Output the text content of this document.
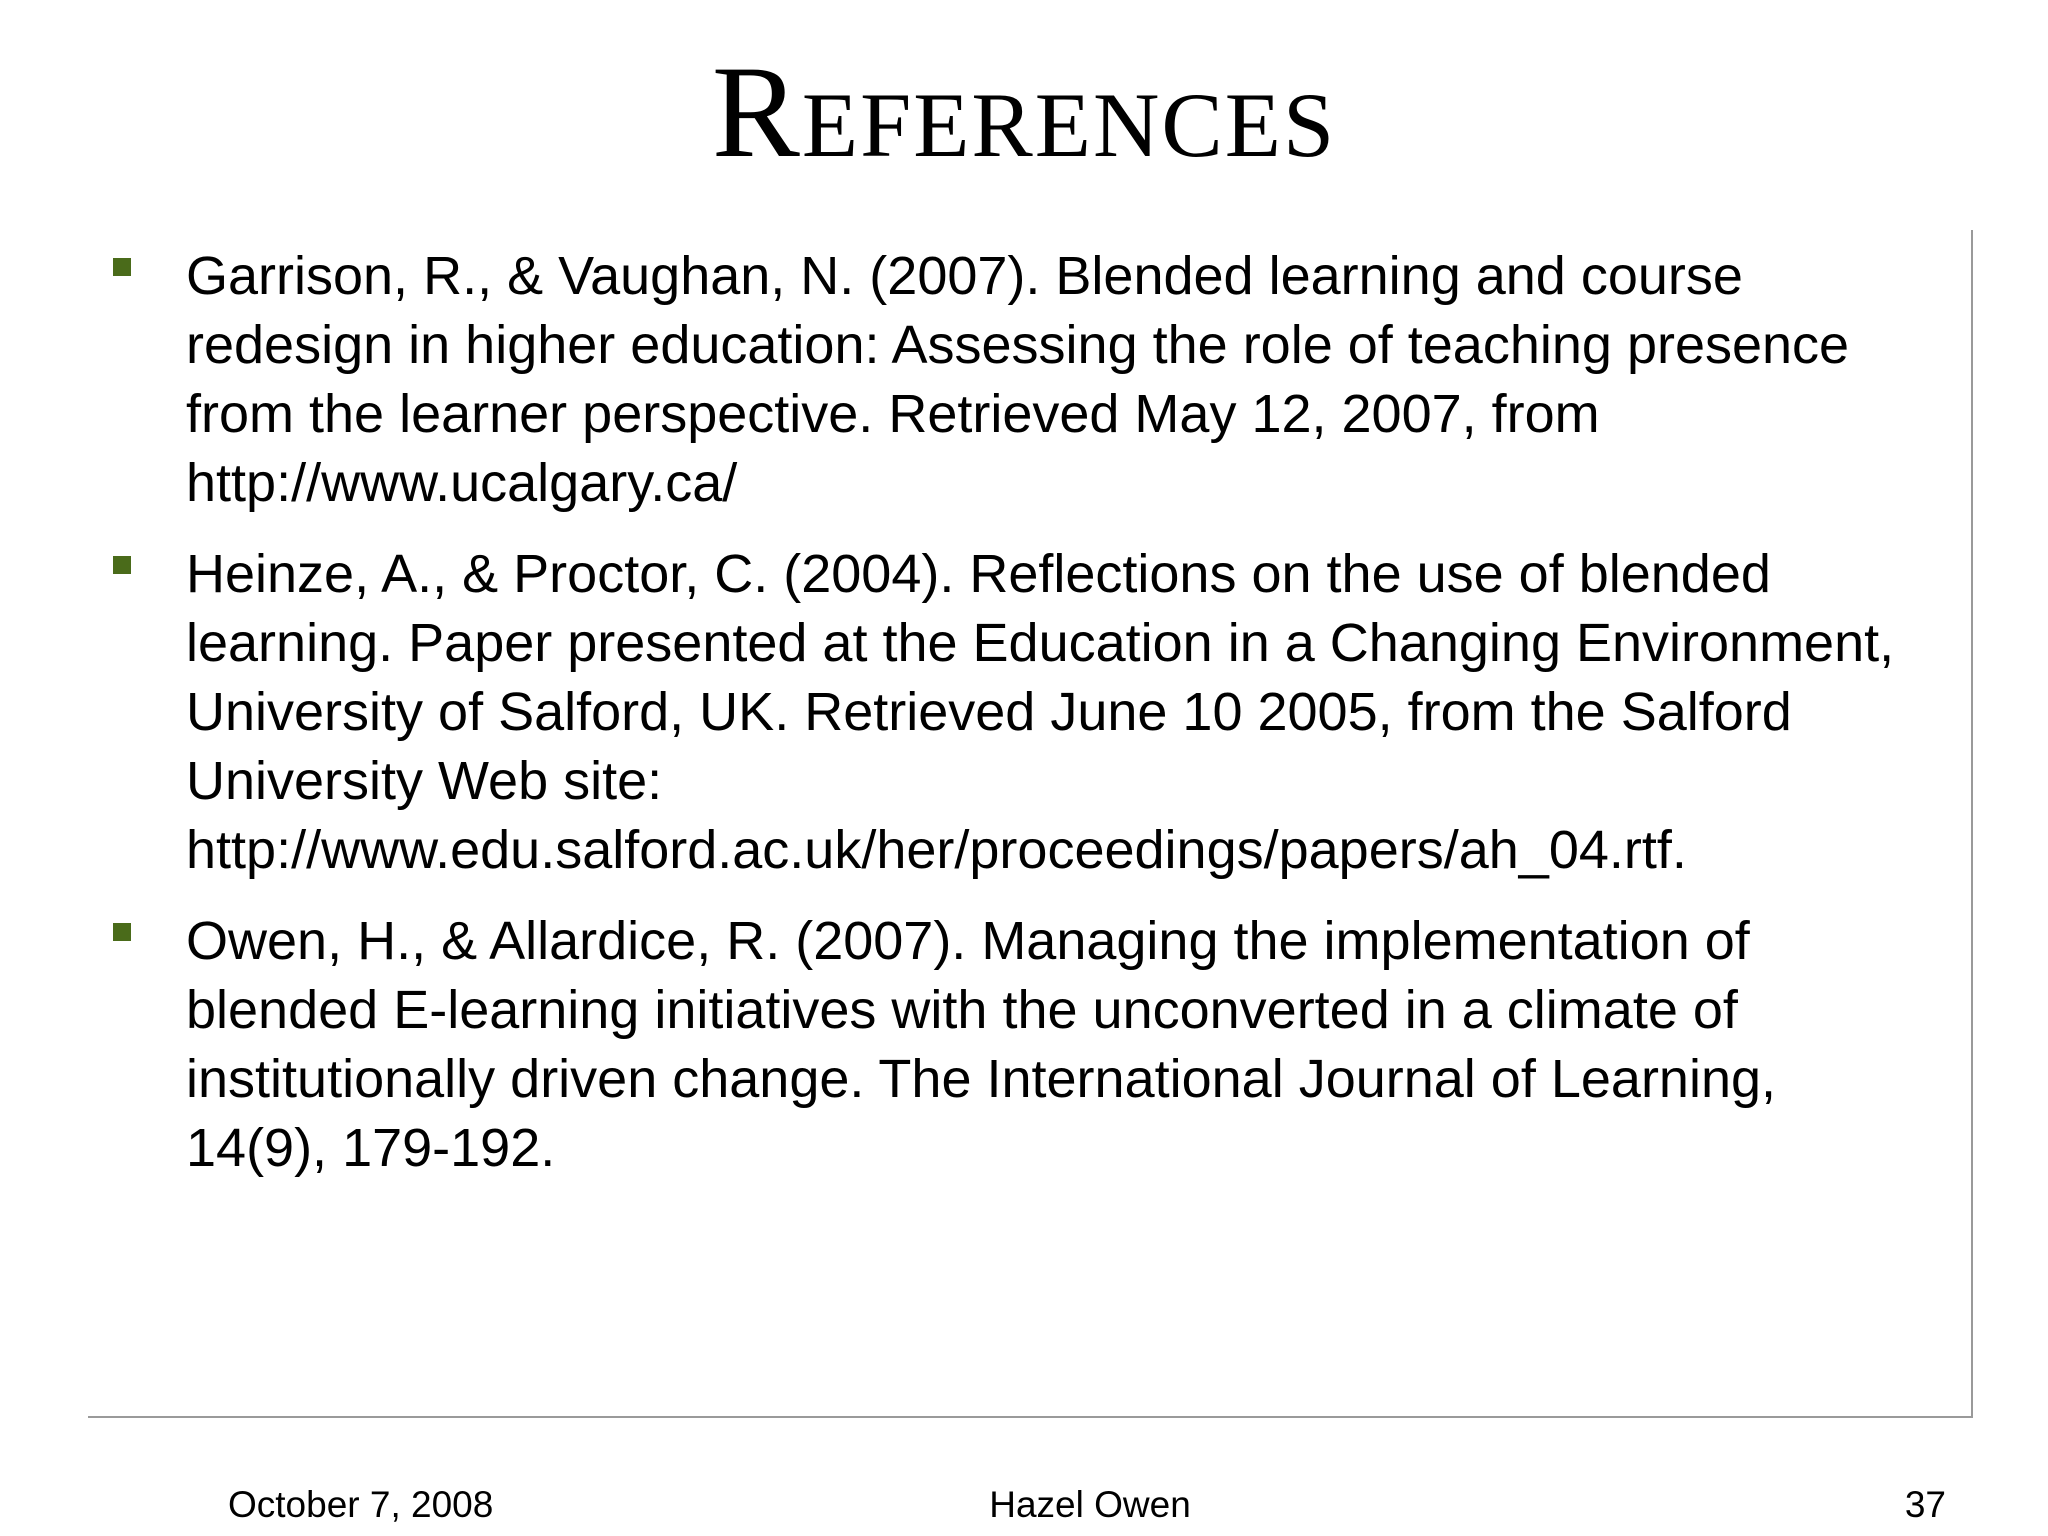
References
Garrison, R., & Vaughan, N. (2007). Blended learning and course redesign in higher education: Assessing the role of teaching presence from the learner perspective. Retrieved May 12, 2007, from http://www.ucalgary.ca/
Heinze, A., & Proctor, C. (2004). Reflections on the use of blended learning. Paper presented at the Education in a Changing Environment, University of Salford, UK. Retrieved June 10 2005, from the Salford University Web site: http://www.edu.salford.ac.uk/her/proceedings/papers/ah_04.rtf.
Owen, H., & Allardice, R. (2007). Managing the implementation of blended E-learning initiatives with the unconverted in a climate of institutionally driven change. The International Journal of Learning, 14(9), 179-192.
October 7, 2008	Hazel Owen	37
